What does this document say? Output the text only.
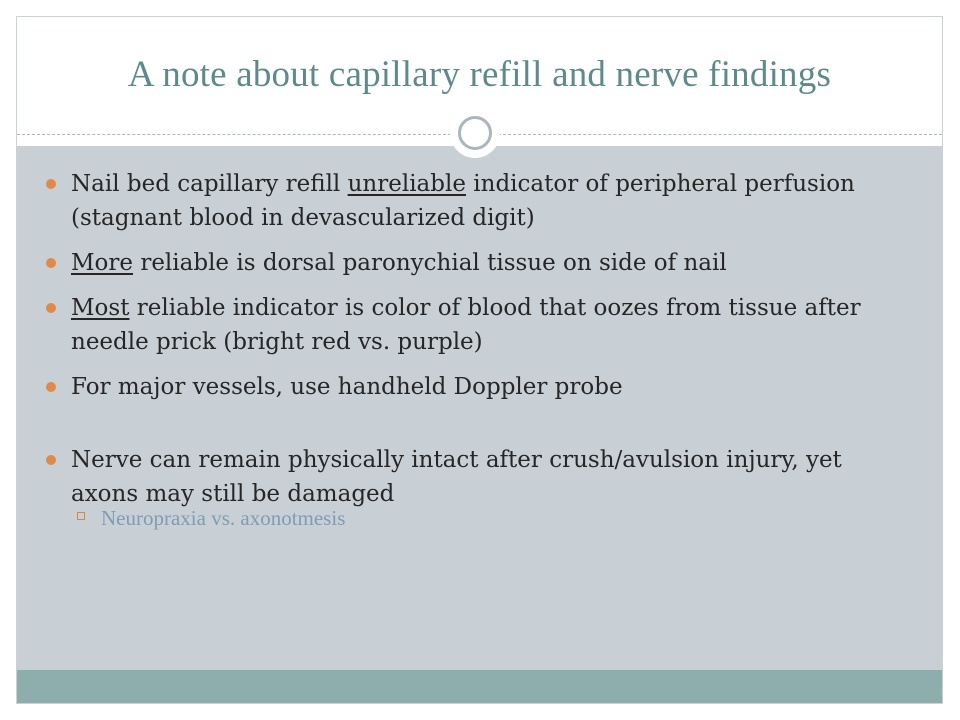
A note about capillary refill and nerve findings
Nail bed capillary refill unreliable indicator of peripheral perfusion (stagnant blood in devascularized digit)
More reliable is dorsal paronychial tissue on side of nail
Most reliable indicator is color of blood that oozes from tissue after needle prick (bright red vs. purple)
For major vessels, use handheld Doppler probe
Nerve can remain physically intact after crush/avulsion injury, yet axons may still be damaged
Neuropraxia vs. axonotmesis
